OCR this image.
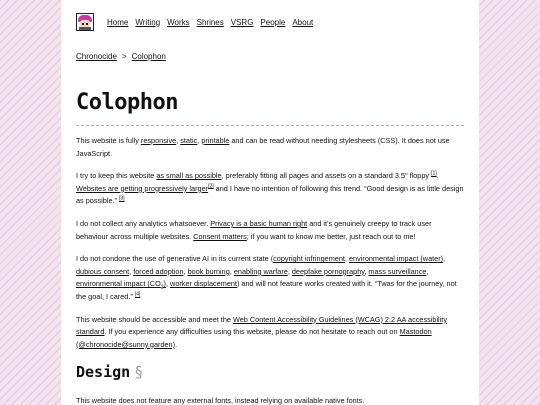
Home Writing Works Shrines VSRG People About
Chronocide > Colophon
Colophon

This website is fully responsive, static, printable and can be read without needing stylesheets (CSS). It does not use JavaScript.

I try to keep this website as small as possible, preferably fitting all pages and assets on a standard 3.5" floppy [1]. Websites are getting progressively larger[2] and I have no intention of following this trend. “Good design is as little design as possible.” [3]

I do not collect any analytics whatsoever. Privacy is a basic human right and it's genuinely creepy to track user behaviour across multiple websites. Consent matters; if you want to know me better, just reach out to me!

I do not condone the use of generative AI in its current state (copyright infringement, environmental impact (water), dubious consent, forced adoption, book burning, enabling warfare, deepfake pornography, mass surveillance, environmental impact $(CO_2)$, worker displacement) and will not feature works created with it. “Twas for the journey, not the goal, I cared.” [4]

This website should be accessible and meet the Web Content Accessibility Guidelines (WCAG) 2.2 AA accessibility standard. If you experience any difficulties using this website, please do not hesitate to reach out on Mastodon (@chronocide@sunny.garden).

Design §

This website does not feature any external fonts, instead relying on available native fonts.
